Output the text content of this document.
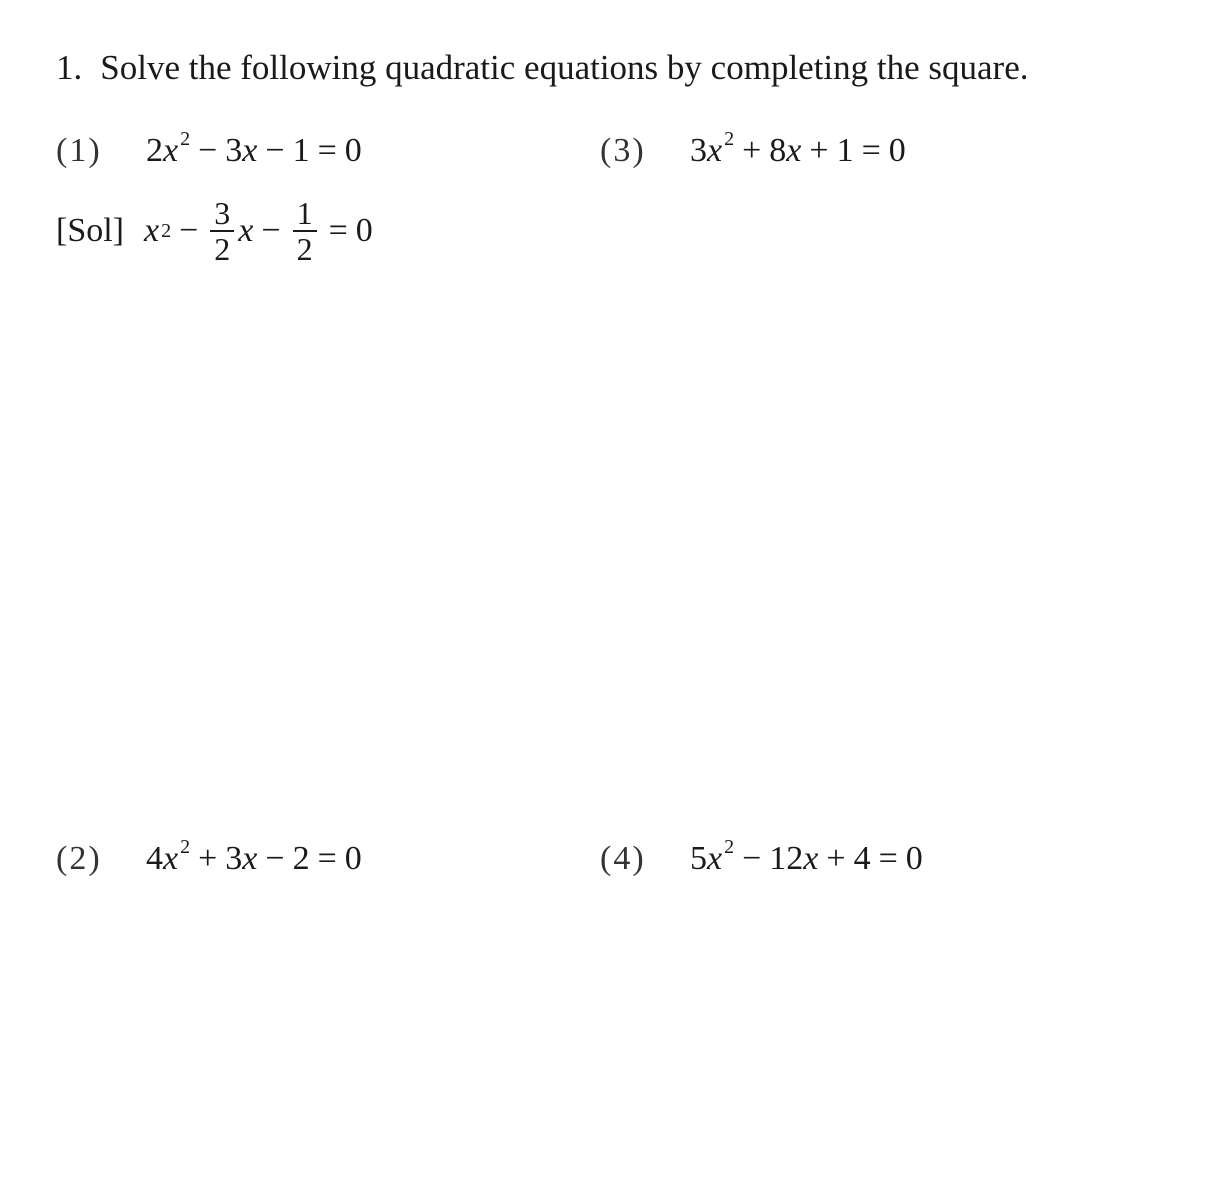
1. Solve the following quadratic equations by completing the square.
(1) 2x $^2$ − 3x − 1 = 0	(3) 3x $^2$ + 8x + 1 = 0
[Sol] x $2 - \frac{3}{2}$ $x - \frac{1}{2} = 0$
(2) 4x $^2$ + 3x − 2 = 0	(4) 5x $^2$ − 12x + 4 = 0
